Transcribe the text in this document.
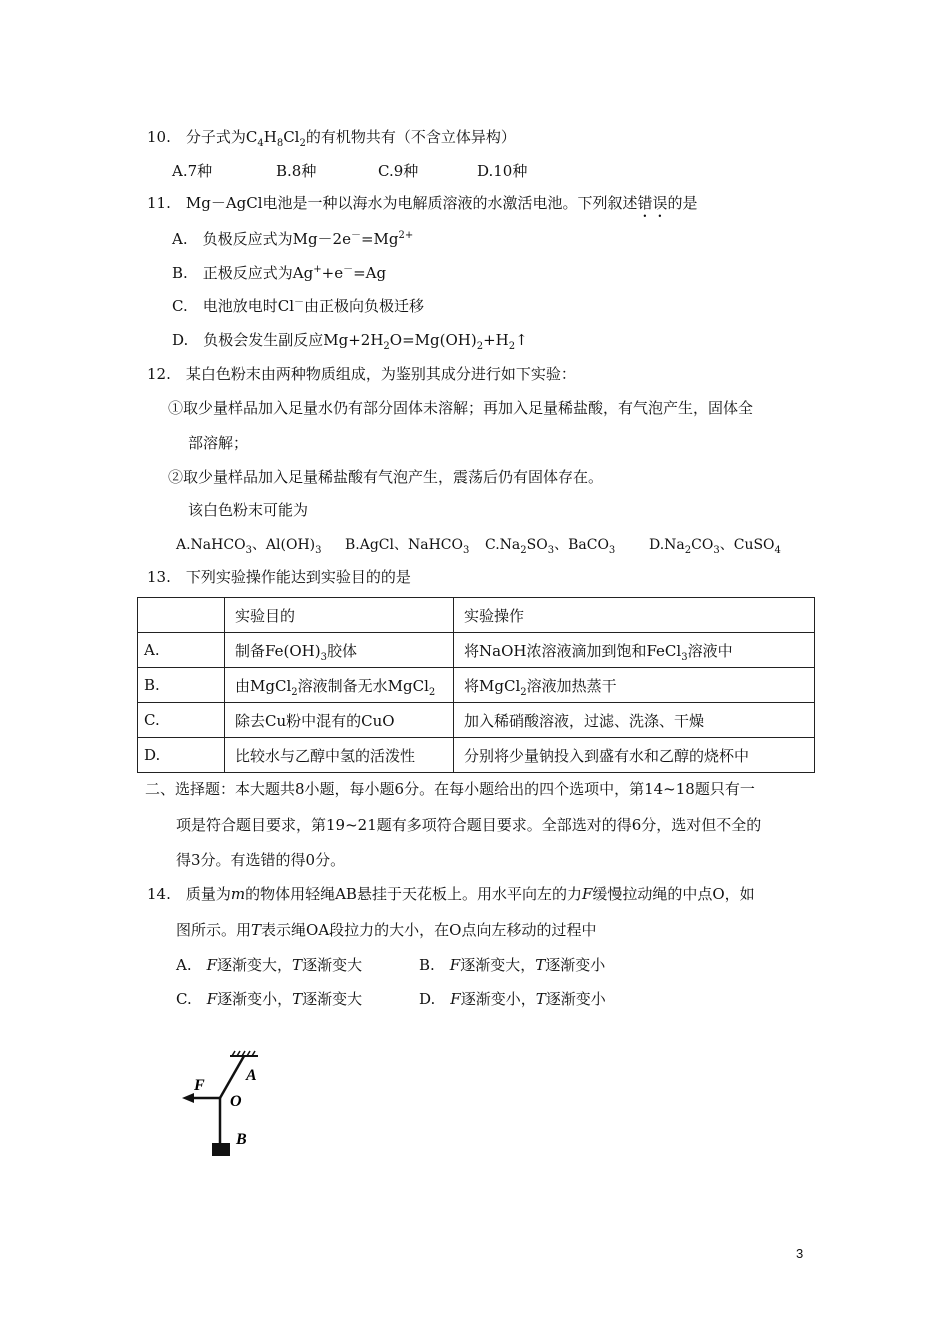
10.　分子式为$C_4H_8Cl_2$的有机物共有（不含立体异构）
A.7种	B.8种	C.9种	D.10种
11.　Mg－AgCl电池是一种以海水为电解质溶液的水激活电池。下列叙述错误的是
A.　负极反应式为$Mg-2e^-=Mg^{2+}$
B.　正极反应式为Ag++e－=Ag
C.　电池放电时Cl－由正极向负极迁移
D.　负极会发生副反应$Mg+2H_2O=Mg(OH)_2+H_2↑$
12.　某白色粉末由两种物质组成，为鉴别其成分进行如下实验：
①取少量样品加入足量水仍有部分固体未溶解；再加入足量稀盐酸，有气泡产生，固体全
部溶解；
②取少量样品加入足量稀盐酸有气泡产生，震荡后仍有固体存在。
该白色粉末可能为
A.NaHCO$_3$、$Al(OH)_3$ B.AgCl、NaHCO$_3$ $C.Na_2SO_3$、BaCO$_3$ $D.Na_2CO_3$、CuSO$_4$
13.　下列实验操作能达到实验目的的是
	实验目的	实验操作
A.	制备$Fe(OH)_3$胶体	将NaOH浓溶液滴加到饱和FeCl$_3$溶液中
B.	由MgCl$_2$溶液制备无水MgCl$_2$	将MgCl$_2$溶液加热蒸干
C.	除去Cu粉中混有的CuO	加入稀硝酸溶液，过滤、洗涤、干燥
D.	比较水与乙醇中氢的活泼性	分别将少量钠投入到盛有水和乙醇的烧杯中
二、选择题：本大题共8小题，每小题6分。在每小题给出的四个选项中，第14~18题只有一
项是符合题目要求，第19~21题有多项符合题目要求。全部选对的得6分，选对但不全的
得3分。有选错的得0分。
14.　质量为m的物体用轻绳AB悬挂于天花板上。用水平向左的力F缓慢拉动绳的中点O，如
图所示。用T表示绳OA段拉力的大小，在O点向左移动的过程中
A.　F逐渐变大，T逐渐变大	B.　F逐渐变大，T逐渐变小
C.　F逐渐变小，T逐渐变大	D.　F逐渐变小，T逐渐变小
F
A
O
B
3
